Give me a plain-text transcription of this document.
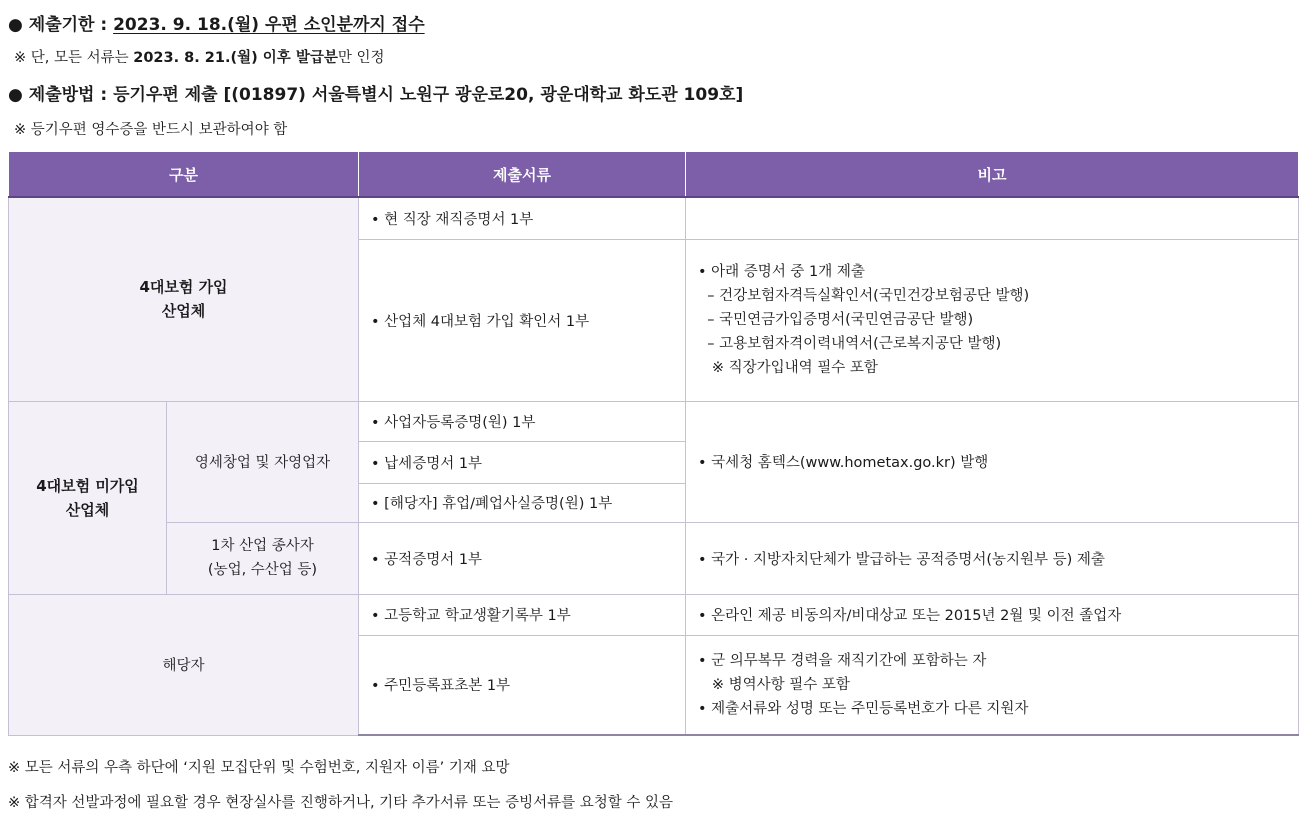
● 제출기한 : 2023. 9. 18.(월) 우편 소인분까지 접수
※ 단, 모든 서류는 2023. 8. 21.(월) 이후 발급분만 인정
● 제출방법 : 등기우편 제출 [(01897) 서울특별시 노원구 광운로20, 광운대학교 화도관 109호]
※ 등기우편 영수증을 반드시 보관하여야 함
구분		제출서류	비고

4대보험 가입
산업체		• 현 직장 재직증명서 1부	
		• 산업체 4대보험 가입 확인서 1부	• 아래 증명서 중 1개 제출
– 건강보험자격득실확인서(국민건강보험공단 발행)
– 국민연금가입증명서(국민연금공단 발행)
– 고용보험자격이력내역서(근로복지공단 발행)
※ 직장가입내역 필수 포함

4대보험 미가입
산업체	영세창업 및 자영업자	• 사업자등록증명(원) 1부	• 국세청 홈텍스(www.hometax.go.kr) 발행
		• 납세증명서 1부	
		• [해당자] 휴업/폐업사실증명(원) 1부	

	1차 산업 종사자
(농업, 수산업 등)	• 공적증명서 1부	• 국가 · 지방자치단체가 발급하는 공적증명서(농지원부 등) 제출
해당자		• 고등학교 학교생활기록부 1부	• 온라인 제공 비동의자/비대상교 또는 2015년 2월 및 이전 졸업자
		• 주민등록표초본 1부	• 군 의무복무 경력을 재직기간에 포함하는 자
※ 병역사항 필수 포함
• 제출서류와 성명 또는 주민등록번호가 다른 지원자
※ 모든 서류의 우측 하단에 ‘지원 모집단위 및 수험번호, 지원자 이름’ 기재 요망
※ 합격자 선발과정에 필요할 경우 현장실사를 진행하거나, 기타 추가서류 또는 증빙서류를 요청할 수 있음
